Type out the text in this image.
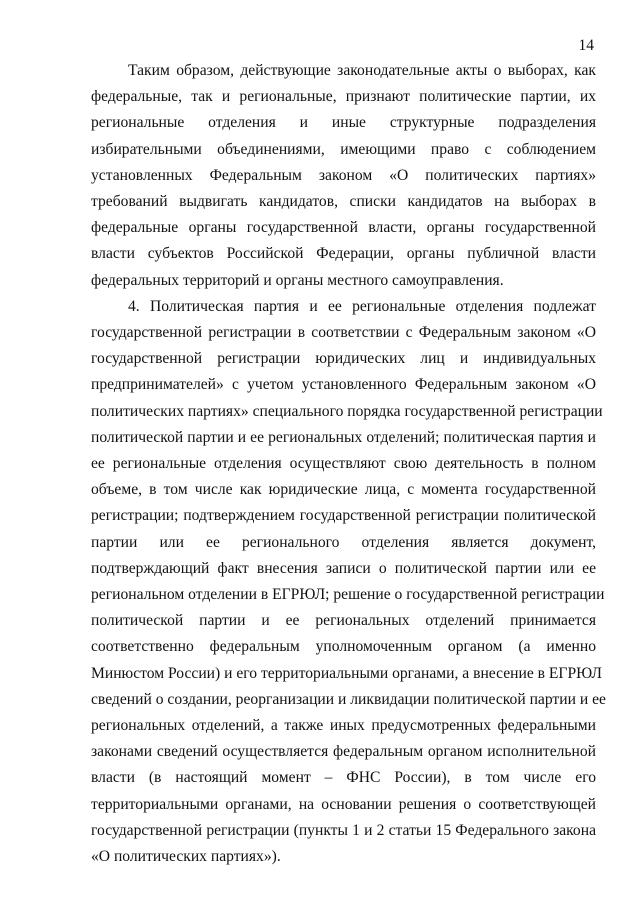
14

Таким образом, действующие законодательные акты о выборах, как
федеральные, так и региональные, признают политические партии, их
региональные отделения и иные структурные подразделения
избирательными объединениями, имеющими право с соблюдением
установленных Федеральным законом «О политических партиях»
требований выдвигать кандидатов, списки кандидатов на выборах в
федеральные органы государственной власти, органы государственной
власти субъектов Российской Федерации, органы публичной власти
федеральных территорий и органы местного самоуправления.

4. Политическая партия и ее региональные отделения подлежат
государственной регистрации в соответствии с Федеральным законом «О
государственной регистрации юридических лиц и индивидуальных
предпринимателей» с учетом установленного Федеральным законом «О
политических партиях» специального порядка государственной регистрации
политической партии и ее региональных отделений; политическая партия и
ее региональные отделения осуществляют свою деятельность в полном
объеме, в том числе как юридические лица, с момента государственной
регистрации; подтверждением государственной регистрации политической
партии или ее регионального отделения является документ,
подтверждающий факт внесения записи о политической партии или ее
региональном отделении в ЕГРЮЛ; решение о государственной регистрации
политической партии и ее региональных отделений принимается
соответственно федеральным уполномоченным органом (а именно
Минюстом России) и его территориальными органами, а внесение в ЕГРЮЛ
сведений о создании, реорганизации и ликвидации политической партии и ее
региональных отделений, а также иных предусмотренных федеральными
законами сведений осуществляется федеральным органом исполнительной
власти (в настоящий момент – ФНС России), в том числе его
территориальными органами, на основании решения о соответствующей
государственной регистрации (пункты 1 и 2 статьи 15 Федерального закона
«О политических партиях»).
